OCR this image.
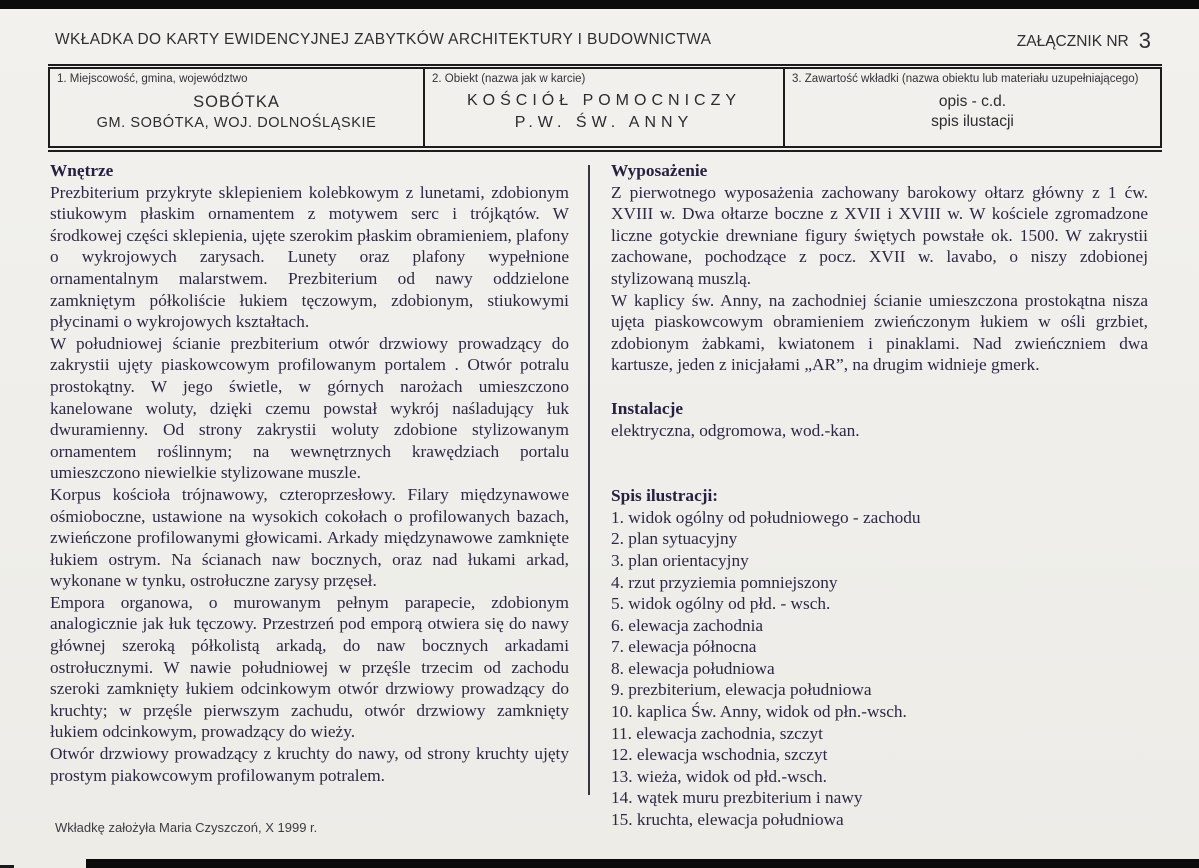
WKŁADKA DO KARTY EWIDENCYJNEJ ZABYTKÓW ARCHITEKTURY I BUDOWNICTWA	ZAŁĄCZNIK NR 3
1. Miejscowość, gmina, województwo
SOBÓTKA
GM. SOBÓTKA, WOJ. DOLNOŚLĄSKIE
2. Obiekt (nazwa jak w karcie)
KOŚCIÓŁ POMOCNICZY
P.W. ŚW. ANNY
3. Zawartość wkładki (nazwa obiektu lub materiału uzupełniającego)
opis - c.d.
spis ilustacji
Wnętrze

Prezbiterium przykryte sklepieniem kolebkowym z lunetami, zdobionym stiukowym płaskim ornamentem z motywem serc i trójkątów. W środkowej części sklepienia, ujęte szerokim płaskim obramieniem, plafony o wykrojowych zarysach. Lunety oraz plafony wypełnione ornamentalnym malarstwem. Prezbiterium od nawy oddzielone zamkniętym półkoliście łukiem tęczowym, zdobionym, stiukowymi płycinami o wykrojowych kształtach.

W południowej ścianie prezbiterium otwór drzwiowy prowadzący do zakrystii ujęty piaskowcowym profilowanym portalem . Otwór potralu prostokątny. W jego świetle, w górnych narożach umieszczono kanelowane woluty, dzięki czemu powstał wykrój naśladujący łuk dwuramienny. Od strony zakrystii woluty zdobione stylizowanym ornamentem roślinnym; na wewnętrznych krawędziach portalu umieszczono niewielkie stylizowane muszle.

Korpus kościoła trójnawowy, czteroprzesłowy. Filary międzynawowe ośmioboczne, ustawione na wysokich cokołach o profilowanych bazach, zwieńczone profilowanymi głowicami. Arkady międzynawowe zamknięte łukiem ostrym. Na ścianach naw bocznych, oraz nad łukami arkad, wykonane w tynku, ostrołuczne zarysy przęseł.

Empora organowa, o murowanym pełnym parapecie, zdobionym analogicznie jak łuk tęczowy. Przestrzeń pod emporą otwiera się do nawy głównej szeroką półkolistą arkadą, do naw bocznych arkadami ostrołucznymi. W nawie południowej w przęśle trzecim od zachodu szeroki zamknięty łukiem odcinkowym otwór drzwiowy prowadzący do kruchty; w przęśle pierwszym zachudu, otwór drzwiowy zamknięty łukiem odcinkowym, prowadzący do wieży.

Otwór drzwiowy prowadzący z kruchty do nawy, od strony kruchty ujęty prostym piakowcowym profilowanym potralem.

Wyposażenie

Z pierwotnego wyposażenia zachowany barokowy ołtarz główny z 1 ćw. XVIII w. Dwa ołtarze boczne z XVII i XVIII w. W kościele zgromadzone liczne gotyckie drewniane figury świętych powstałe ok. 1500. W zakrystii zachowane, pochodzące z pocz. XVII w. lavabo, o niszy zdobionej stylizowaną muszlą.

W kaplicy św. Anny, na zachodniej ścianie umieszczona prostokątna nisza ujęta piaskowcowym obramieniem zwieńczonym łukiem w ośli grzbiet, zdobionym żabkami, kwiatonem i pinaklami. Nad zwieńczniem dwa kartusze, jeden z inicjałami „AR”, na drugim widnieje gmerk.

Instalacje
elektryczna, odgromowa, wod.-kan.
Spis ilustracji:
1. widok ogólny od południowego - zachodu
2. plan sytuacyjny
3. plan orientacyjny
4. rzut przyziemia pomniejszony
5. widok ogólny od płd. - wsch.
6. elewacja zachodnia
7. elewacja północna
8. elewacja południowa
9. prezbiterium, elewacja południowa
10. kaplica Św. Anny, widok od płn.-wsch.
11. elewacja zachodnia, szczyt
12. elewacja wschodnia, szczyt
13. wieża, widok od płd.-wsch.
14. wątek muru prezbiterium i nawy
15. kruchta, elewacja południowa
Wkładkę założyła Maria Czyszczoń, X 1999 r.
